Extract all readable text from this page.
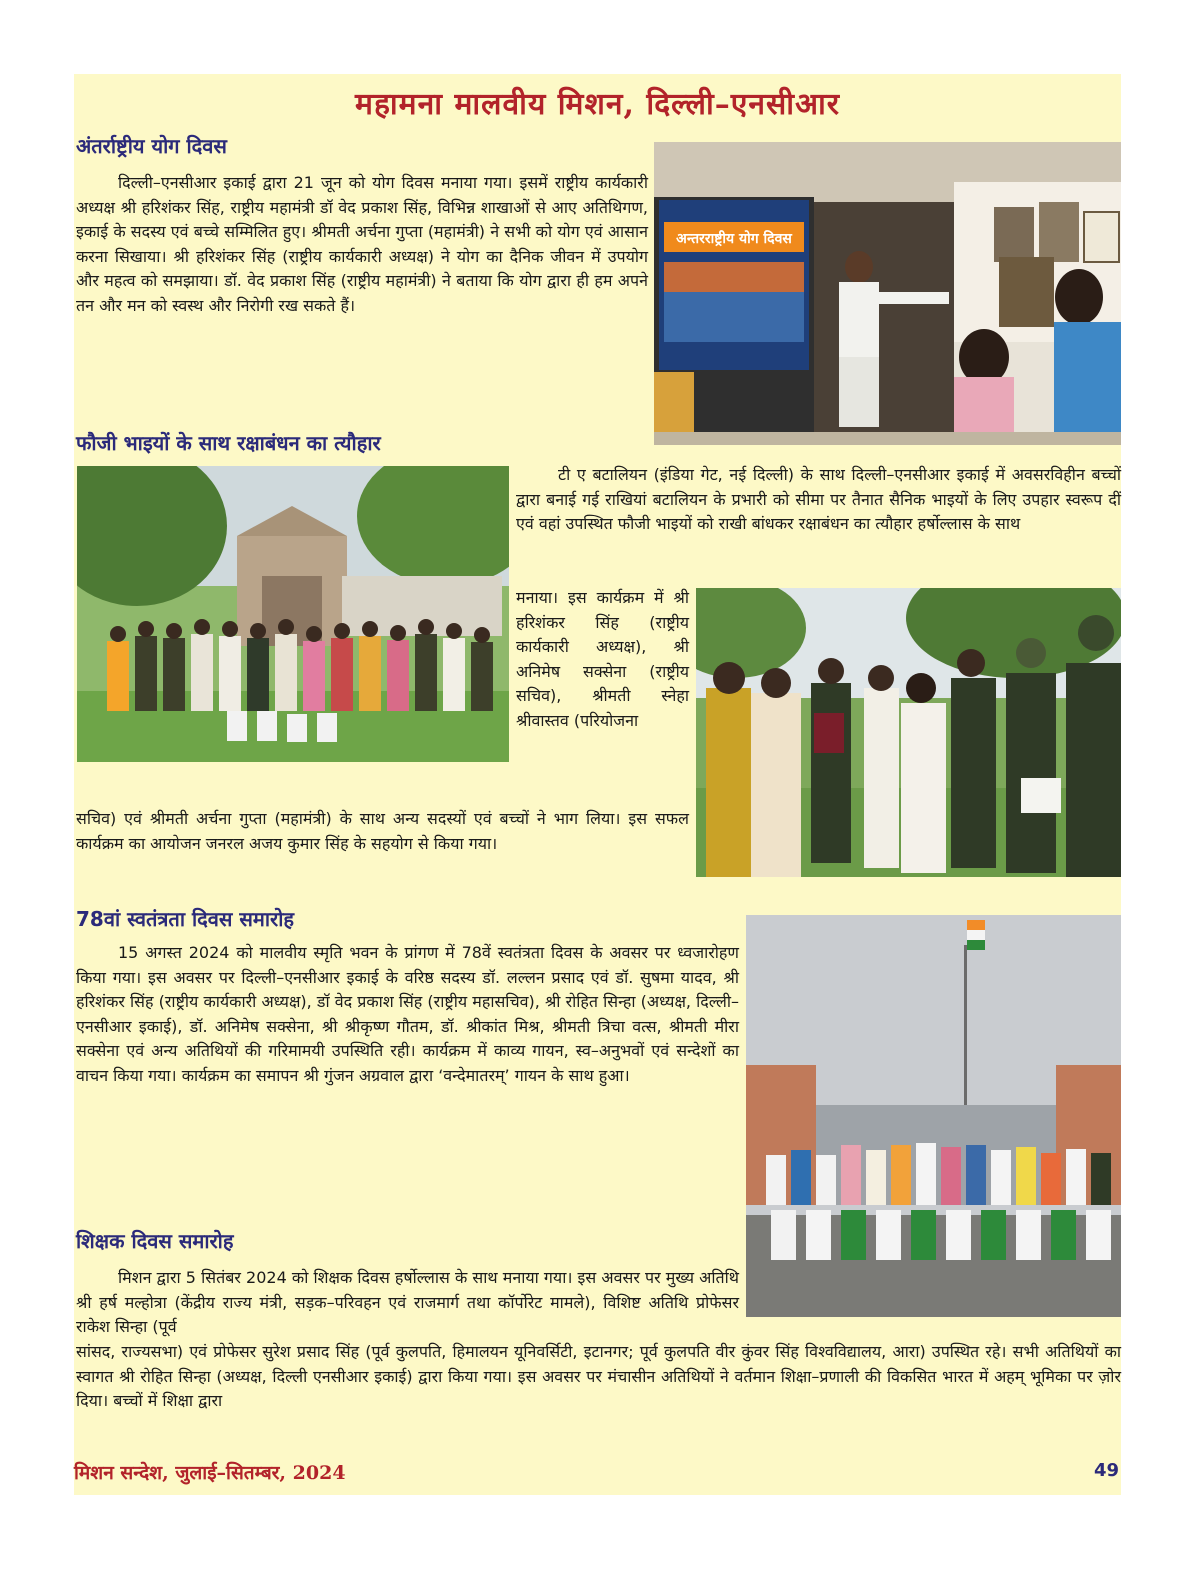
महामना मालवीय मिशन, दिल्ली–एनसीआर
अंतर्राष्ट्रीय योग दिवस

दिल्ली–एनसीआर इकाई द्वारा 21 जून को योग दिवस मनाया गया। इसमें राष्ट्रीय कार्यकारी अध्यक्ष श्री हरिशंकर सिंह, राष्ट्रीय महामंत्री डॉ वेद प्रकाश सिंह, विभिन्न शाखाओं से आए अतिथिगण, इकाई के सदस्य एवं बच्चे सम्मिलित हुए। श्रीमती अर्चना गुप्ता (महामंत्री) ने सभी को योग एवं आसान करना सिखाया। श्री हरिशंकर सिंह (राष्ट्रीय कार्यकारी अध्यक्ष) ने योग का दैनिक जीवन में उपयोग और महत्व को समझाया। डॉ. वेद प्रकाश सिंह (राष्ट्रीय महामंत्री) ने बताया कि योग द्वारा ही हम अपने तन और मन को स्वस्थ और निरोगी रख सकते हैं।

अन्तरराष्ट्रीय योग दिवस
फौजी भाइयों के साथ रक्षाबंधन का त्यौहार

टी ए बटालियन (इंडिया गेट, नई दिल्ली) के साथ दिल्ली–एनसीआर इकाई में अवसरविहीन बच्चों द्वारा बनाई गई राखियां बटालियन के प्रभारी को सीमा पर तैनात सैनिक भाइयों के लिए उपहार स्वरूप दीं एवं वहां उपस्थित फौजी भाइयों को राखी बांधकर रक्षाबंधन का त्यौहार हर्षोल्लास के साथ

मनाया। इस कार्यक्रम में श्री हरिशंकर सिंह (राष्ट्रीय कार्यकारी अध्यक्ष), श्री अनिमेष सक्सेना (राष्ट्रीय सचिव), श्रीमती स्नेहा श्रीवास्तव (परियोजना

सचिव) एवं श्रीमती अर्चना गुप्ता (महामंत्री) के साथ अन्य सदस्यों एवं बच्चों ने भाग लिया। इस सफल कार्यक्रम का आयोजन जनरल अजय कुमार सिंह के सहयोग से किया गया।

78वां स्वतंत्रता दिवस समारोह

15 अगस्त 2024 को मालवीय स्मृति भवन के प्रांगण में 78वें स्वतंत्रता दिवस के अवसर पर ध्वजारोहण किया गया। इस अवसर पर दिल्ली–एनसीआर इकाई के वरिष्ठ सदस्य डॉ. लल्लन प्रसाद एवं डॉ. सुषमा यादव, श्री हरिशंकर सिंह (राष्ट्रीय कार्यकारी अध्यक्ष), डॉ वेद प्रकाश सिंह (राष्ट्रीय महासचिव), श्री रोहित सिन्हा (अध्यक्ष, दिल्ली–एनसीआर इकाई), डॉ. अनिमेष सक्सेना, श्री श्रीकृष्ण गौतम, डॉ. श्रीकांत मिश्र, श्रीमती त्रिचा वत्स, श्रीमती मीरा सक्सेना एवं अन्य अतिथियों की गरिमामयी उपस्थिति रही। कार्यक्रम में काव्य गायन, स्व–अनुभवों एवं सन्देशों का वाचन किया गया। कार्यक्रम का समापन श्री गुंजन अग्रवाल द्वारा ‘वन्देमातरम्’ गायन के साथ हुआ।

शिक्षक दिवस समारोह

मिशन द्वारा 5 सितंबर 2024 को शिक्षक दिवस हर्षोल्लास के साथ मनाया गया। इस अवसर पर मुख्य अतिथि श्री हर्ष मल्होत्रा (केंद्रीय राज्य मंत्री, सड़क–परिवहन एवं राजमार्ग तथा कॉर्पोरेट मामले), विशिष्ट अतिथि प्रोफेसर राकेश सिन्हा (पूर्व

सांसद, राज्यसभा) एवं प्रोफेसर सुरेश प्रसाद सिंह (पूर्व कुलपति, हिमालयन यूनिवर्सिटी, इटानगर; पूर्व कुलपति वीर कुंवर सिंह विश्वविद्यालय, आरा) उपस्थित रहे। सभी अतिथियों का स्वागत श्री रोहित सिन्हा (अध्यक्ष, दिल्ली एनसीआर इकाई) द्वारा किया गया। इस अवसर पर मंचासीन अतिथियों ने वर्तमान शिक्षा–प्रणाली की विकसित भारत में अहम् भूमिका पर ज़ोर दिया। बच्चों में शिक्षा द्वारा

मिशन सन्देश, जुलाई–सितम्बर, 2024	49
